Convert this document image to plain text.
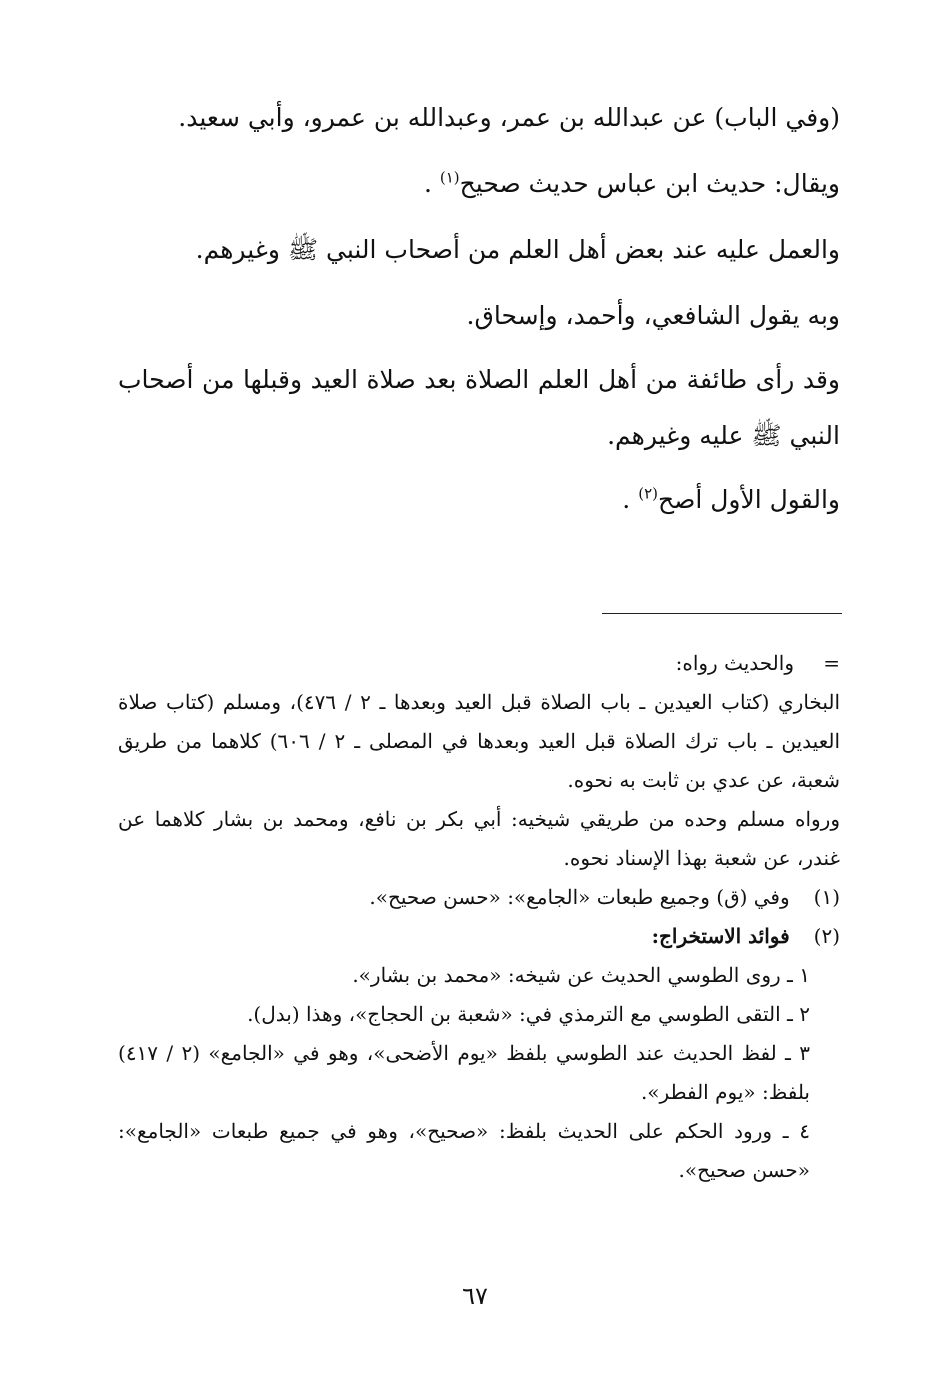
(وفي الباب) عن عبدالله بن عمر، وعبدالله بن عمرو، وأبي سعيد.

ويقال: حديث ابن عباس حديث صحيح$^{(١)}$ .

والعمل عليه عند بعض أهل العلم من أصحاب النبي ﷺ وغيرهم.

وبه يقول الشافعي، وأحمد، وإسحاق.

وقد رأى طائفة من أهل العلم الصلاة بعد صلاة العيد وقبلها من أصحاب النبي ﷺ عليه وغيرهم.

والقول الأول أصح$^{(٢)}$ .

=
والحديث رواه:
البخاري (كتاب العيدين ـ باب الصلاة قبل العيد وبعدها ـ ٢ / ٤٧٦)، ومسلم (كتاب صلاة العيدين ـ باب ترك الصلاة قبل العيد وبعدها في المصلى ـ ٢ / ٦٠٦) كلاهما من طريق شعبة، عن عدي بن ثابت به نحوه.
ورواه مسلم وحده من طريقي شيخيه: أبي بكر بن نافع، ومحمد بن بشار كلاهما عن غندر، عن شعبة بهذا الإسناد نحوه.
(١) وفي (ق) وجميع طبعات «الجامع»: «حسن صحيح».
(٢) فوائد الاستخراج:
١ ـ روى الطوسي الحديث عن شيخه: «محمد بن بشار».
٢ ـ التقى الطوسي مع الترمذي في: «شعبة بن الحجاج»، وهذا (بدل).
٣ ـ لفظ الحديث عند الطوسي بلفظ «يوم الأضحى»، وهو في «الجامع» (٢ / ٤١٧) بلفظ: «يوم الفطر».
٤ ـ ورود الحكم على الحديث بلفظ: «صحيح»، وهو في جميع طبعات «الجامع»: «حسن صحيح».
٦٧
